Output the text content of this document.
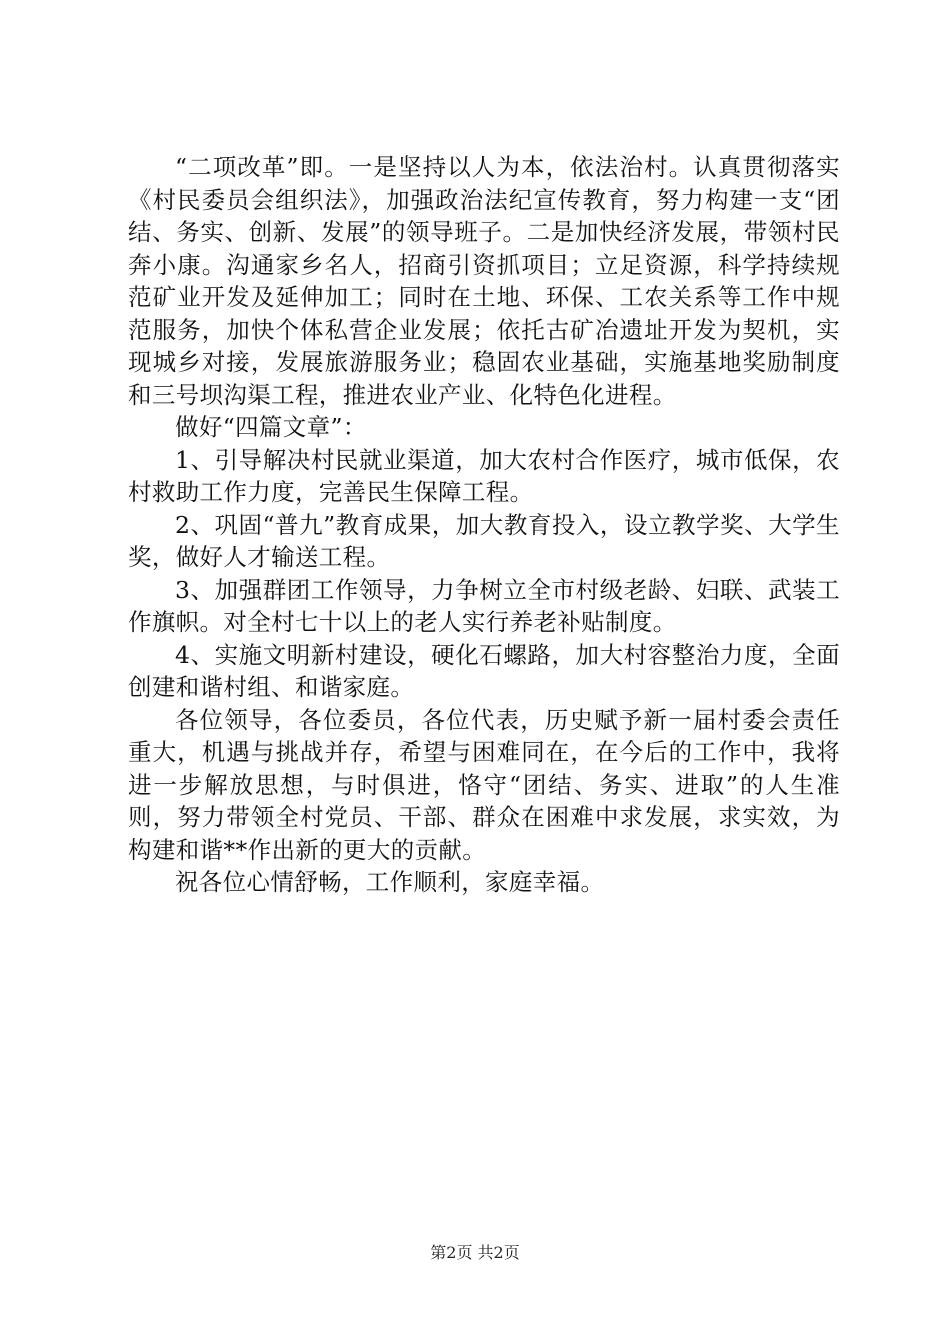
“二项改革”即。一是坚持以人为本，依法治村。认真贯彻落实《村民委员会组织法》，加强政治法纪宣传教育，努力构建一支“团结、务实、创新、发展”的领导班子。二是加快经济发展，带领村民奔小康。沟通家乡名人，招商引资抓项目；立足资源，科学持续规范矿业开发及延伸加工；同时在土地、环保、工农关系等工作中规范服务，加快个体私营企业发展；依托古矿冶遗址开发为契机，实现城乡对接，发展旅游服务业；稳固农业基础，实施基地奖励制度和三号坝沟渠工程，推进农业产业、化特色化进程。

做好“四篇文章”：

1、引导解决村民就业渠道，加大农村合作医疗，城市低保，农村救助工作力度，完善民生保障工程。

2、巩固“普九”教育成果，加大教育投入，设立教学奖、大学生奖，做好人才输送工程。

3、加强群团工作领导，力争树立全市村级老龄、妇联、武装工作旗帜。对全村七十以上的老人实行养老补贴制度。

4、实施文明新村建设，硬化石螺路，加大村容整治力度，全面创建和谐村组、和谐家庭。

各位领导，各位委员，各位代表，历史赋予新一届村委会责任重大，机遇与挑战并存，希望与困难同在，在今后的工作中，我将进一步解放思想，与时俱进，恪守“团结、务实、进取”的人生准则，努力带领全村党员、干部、群众在困难中求发展，求实效，为构建和谐**作出新的更大的贡献。

祝各位心情舒畅，工作顺利，家庭幸福。

第2页 共2页
